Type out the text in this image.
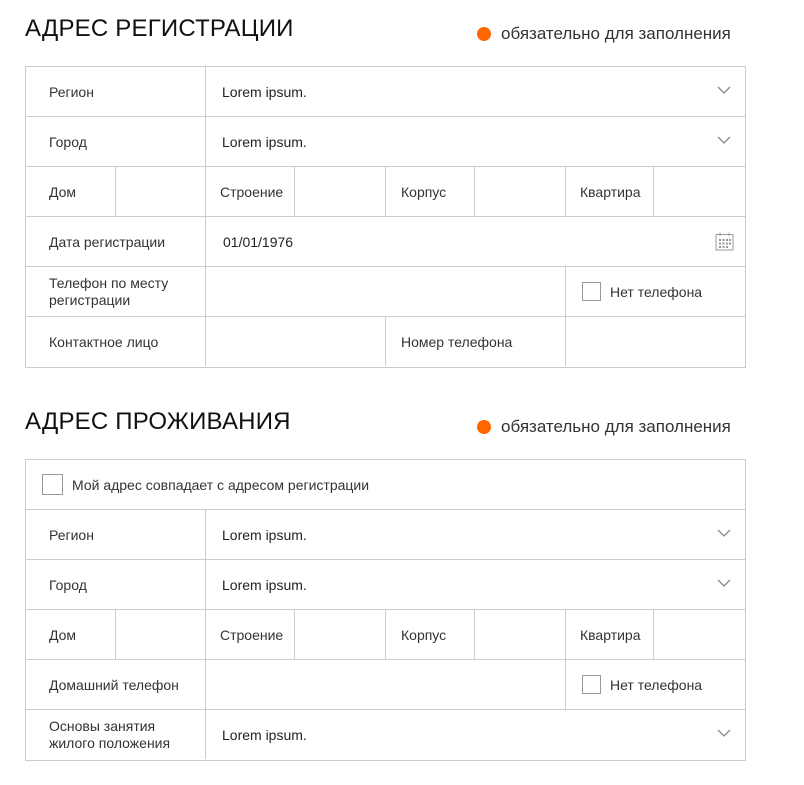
АДРЕС РЕГИСТРАЦИИ	обязательно для заполнения
Регион	Lorem ipsum.
Город	Lorem ipsum.
Дом	Строение	Корпус	Квартира
Дата регистрации	01/01/1976
Телефон по месту
регистрации	Нет телефона
Контактное лицо	Номер телефона
АДРЕС ПРОЖИВАНИЯ	обязательно для заполнения
Мой адрес совпадает с адресом регистрации
Регион	Lorem ipsum.
Город	Lorem ipsum.
Дом	Строение	Корпус	Квартира
Домашний телефон	Нет телефона
Основы занятия
жилого положения	Lorem ipsum.
